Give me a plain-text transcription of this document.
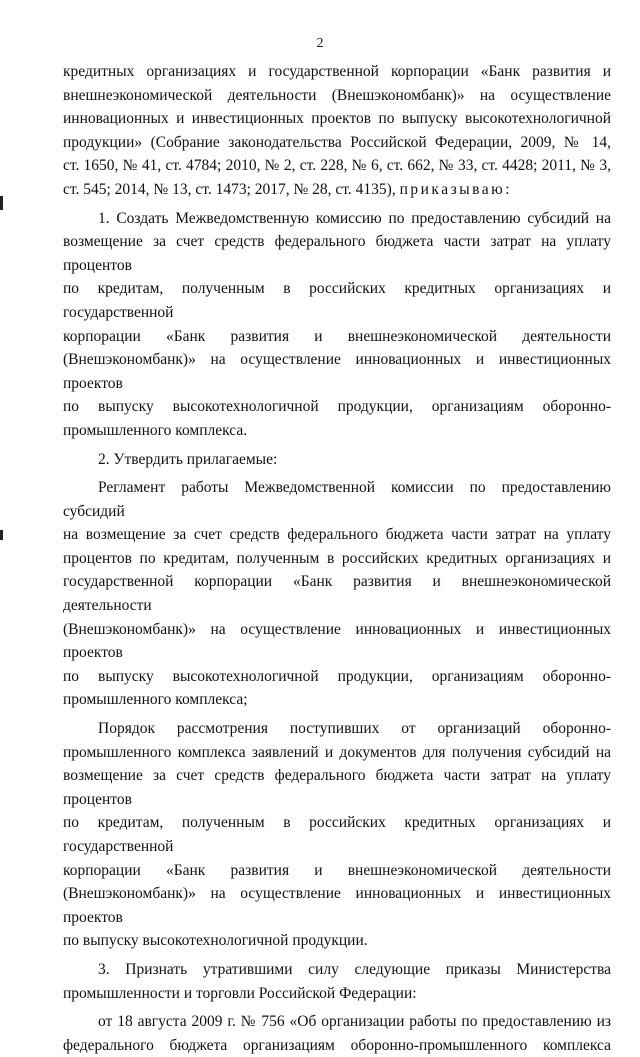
2

кредитных организациях и государственной корпорации «Банк развития и

внешнеэкономической деятельности (Внешэкономбанк)» на осуществление

инновационных и инвестиционных проектов по выпуску высокотехнологичной

продукции» (Собрание законодательства Российской Федерации, 2009, № 14,

ст. 1650, № 41, ст. 4784; 2010, № 2, ст. 228, № 6, ст. 662, № 33, ст. 4428; 2011, № 3,

ст. 545; 2014, № 13, ст. 1473; 2017, № 28, ст. 4135), приказываю:

1. Создать Межведомственную комиссию по предоставлению субсидий на

возмещение за счет средств федерального бюджета части затрат на уплату процентов

по кредитам, полученным в российских кредитных организациях и государственной

корпорации «Банк развития и внешнеэкономической деятельности

(Внешэкономбанк)» на осуществление инновационных и инвестиционных проектов

по выпуску высокотехнологичной продукции, организациям оборонно-

промышленного комплекса.

2. Утвердить прилагаемые:

Регламент работы Межведомственной комиссии по предоставлению субсидий

на возмещение за счет средств федерального бюджета части затрат на уплату

процентов по кредитам, полученным в российских кредитных организациях и

государственной корпорации «Банк развития и внешнеэкономической деятельности

(Внешэкономбанк)» на осуществление инновационных и инвестиционных проектов

по выпуску высокотехнологичной продукции, организациям оборонно-

промышленного комплекса;

Порядок рассмотрения поступивших от организаций оборонно-

промышленного комплекса заявлений и документов для получения субсидий на

возмещение за счет средств федерального бюджета части затрат на уплату процентов

по кредитам, полученным в российских кредитных организациях и государственной

корпорации «Банк развития и внешнеэкономической деятельности

(Внешэкономбанк)» на осуществление инновационных и инвестиционных проектов

по выпуску высокотехнологичной продукции.

3. Признать утратившими силу следующие приказы Министерства

промышленности и торговли Российской Федерации:

от 18 августа 2009 г. № 756 «Об организации работы по предоставлению из

федерального бюджета организациям оборонно-промышленного комплекса
